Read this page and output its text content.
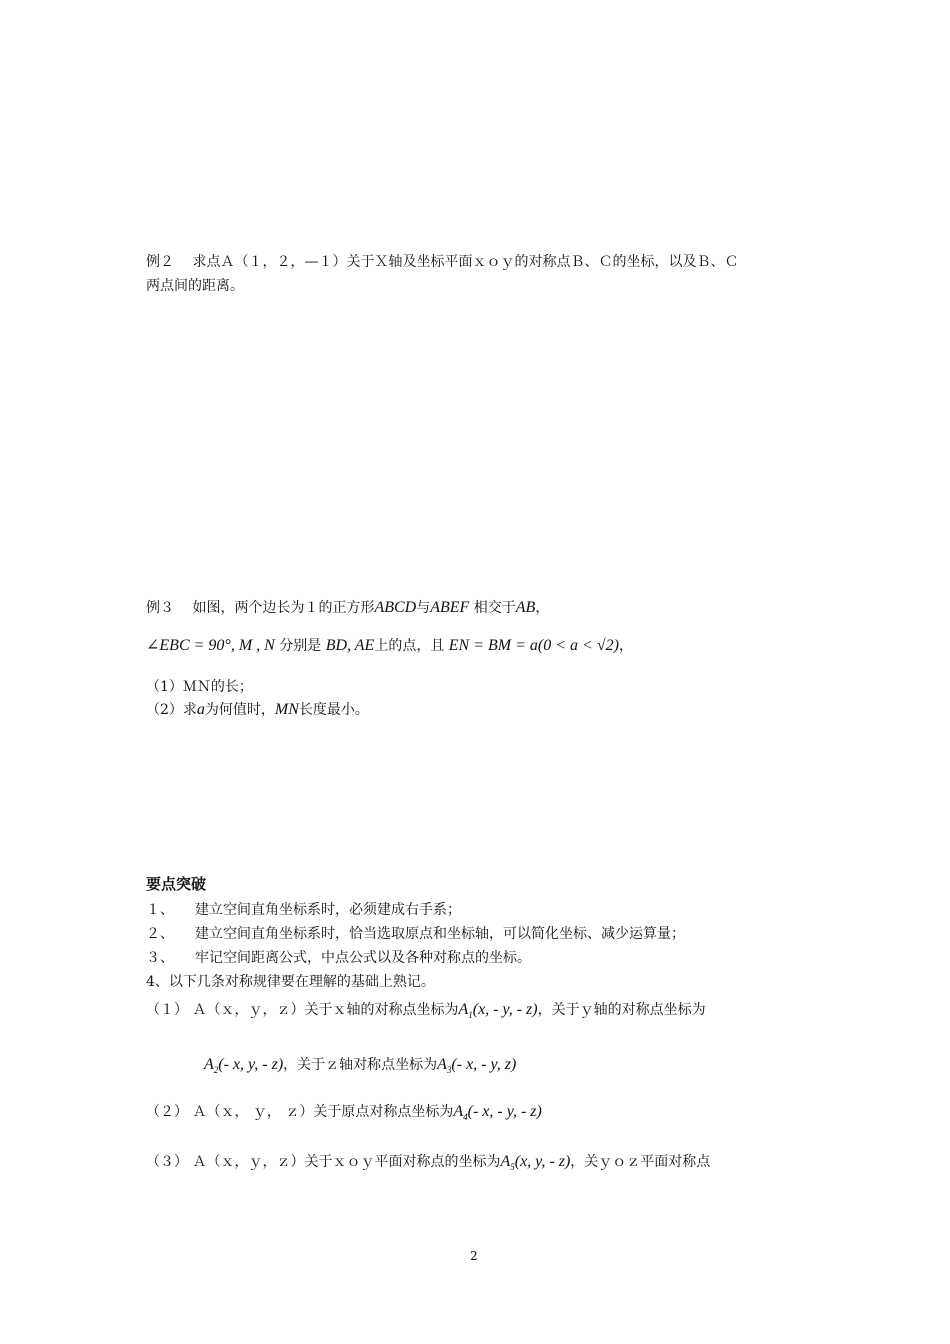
例２　 求点Ａ（１，２，—１）关于Ｘ轴及坐标平面ｘｏｙ的对称点Ｂ、Ｃ的坐标，以及Ｂ、Ｃ
两点间的距离。
例３　 如图，两个边长为１的正方形ABCD与ABEF 相交于AB，
∠EBC = 90°, M , N 分别是 BD, AE上的点，且 EN = BM = a(0 < a < √2)，
（1）ＭＮ的长；
（2）求a为何值时，MN长度最小。
要点突破
１、　　建立空间直角坐标系时，必须建成右手系；
２、　　建立空间直角坐标系时，恰当选取原点和坐标轴，可以简化坐标、减少运算量；
３、　　牢记空间距离公式，中点公式以及各种对称点的坐标。
4、以下几条对称规律要在理解的基础上熟记。
（１） Ａ（ｘ，ｙ，ｚ）关于ｘ轴的对称点坐标为$A_1(x$, - y, - z)，关于ｙ轴的对称点坐标为
$A_2(-$ x, y, - z)，关于ｚ轴对称点坐标为$A_3(-$ x, - y, z)
（２） Ａ（ｘ， ｙ， ｚ）关于原点对称点坐标为$A_4(-$ x, - y, - z)
（３） Ａ（ｘ，ｙ，ｚ）关于ｘｏｙ平面对称点的坐标为$A_5(x$, y, - z)，关ｙｏｚ平面对称点
2
